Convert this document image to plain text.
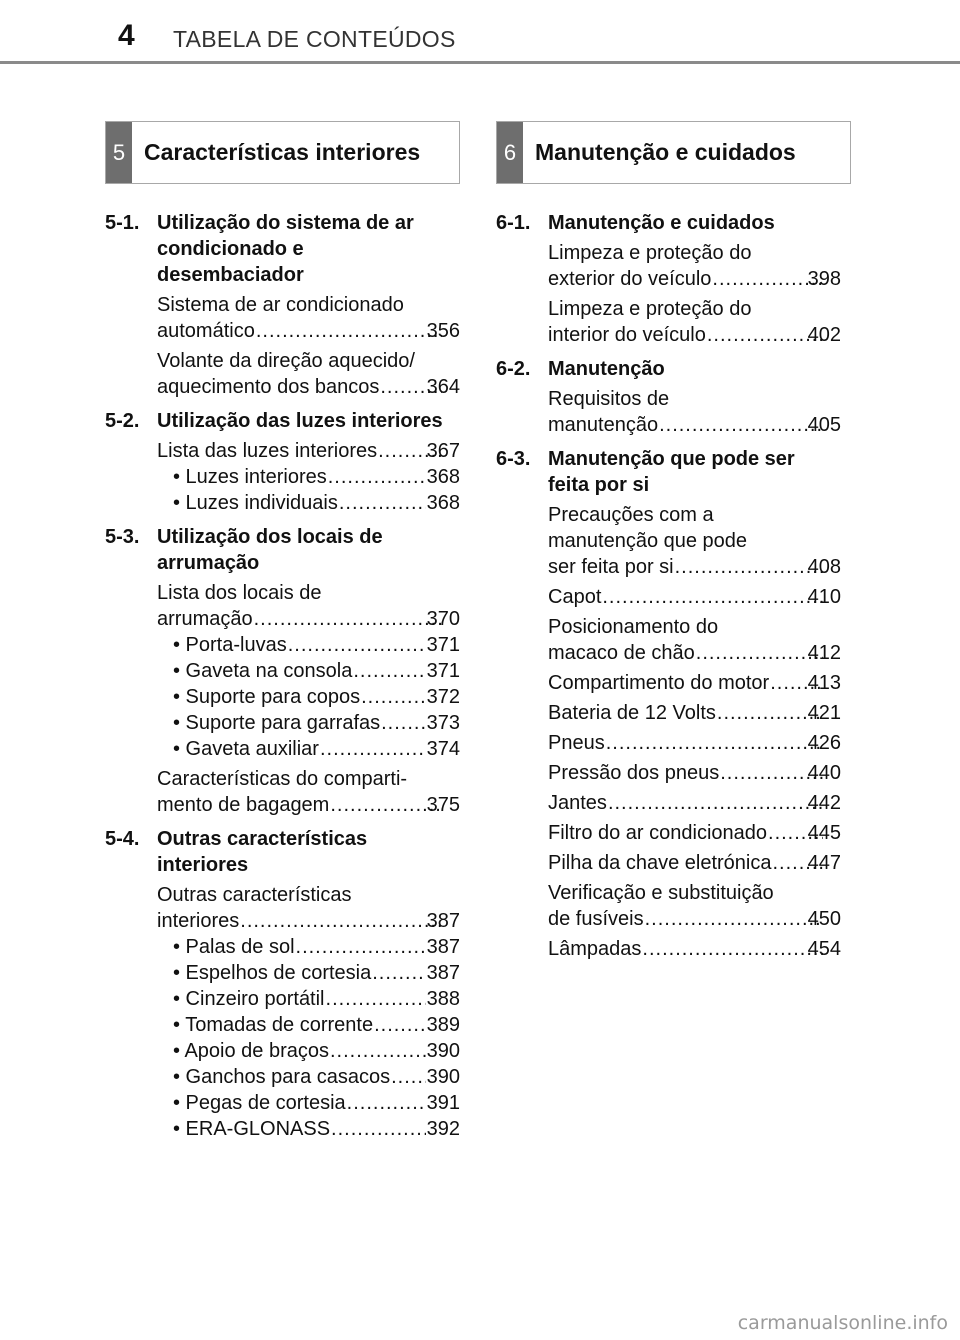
4 TABELA DE CONTEÚDOS
5 Características interiores	6 Manutenção e cuidados
5-1. Utilização do sistema de ar
condicionado e
desembaciador
Sistema de ar condicionado
automático .....	356
Volante da direção aquecido/
aquecimento dos bancos ..... 364
5-2. Utilização das luzes interiores
Lista das luzes interiores ..... 367
• Luzes interiores .....	368
• Luzes individuais .....	368
5-3. Utilização dos locais de
arrumação
Lista dos locais de
arrumação .....	370
• Porta-luvas .....	371
• Gaveta na consola .....	371
• Suporte para copos .....	372
• Suporte para garrafas ..... 373
• Gaveta auxiliar .....	374
Características do comparti-
mento de bagagem .....	375
5-4. Outras características
interiores
Outras características
interiores .....	387
• Palas de sol .....	387
• Espelhos de cortesia .....	387
• Cinzeiro portátil .....	388
• Tomadas de corrente .....	389
• Apoio de braços .....	390
• Ganchos para casacos ..... 390
• Pegas de cortesia .....	391
• ERA-GLONASS .....	392
6-1. Manutenção e cuidados
Limpeza e proteção do
exterior do veículo .....	398
Limpeza e proteção do
interior do veículo .....	402
6-2. Manutenção
Requisitos de
manutenção .....	405
6-3. Manutenção que pode ser
feita por si
Precauções com a
manutenção que pode
ser feita por si .....	408
Capot .....	410
Posicionamento do
macaco de chão .....	412
Compartimento do motor ..... 413
Bateria de 12 Volts .....	421
Pneus .....	426
Pressão dos pneus .....	440
Jantes .....	442
Filtro do ar condicionado ..... 445
Pilha da chave eletrónica ..... 447
Verificação e substituição
de fusíveis .....	450
Lâmpadas .....	454
carmanualsonline.info
